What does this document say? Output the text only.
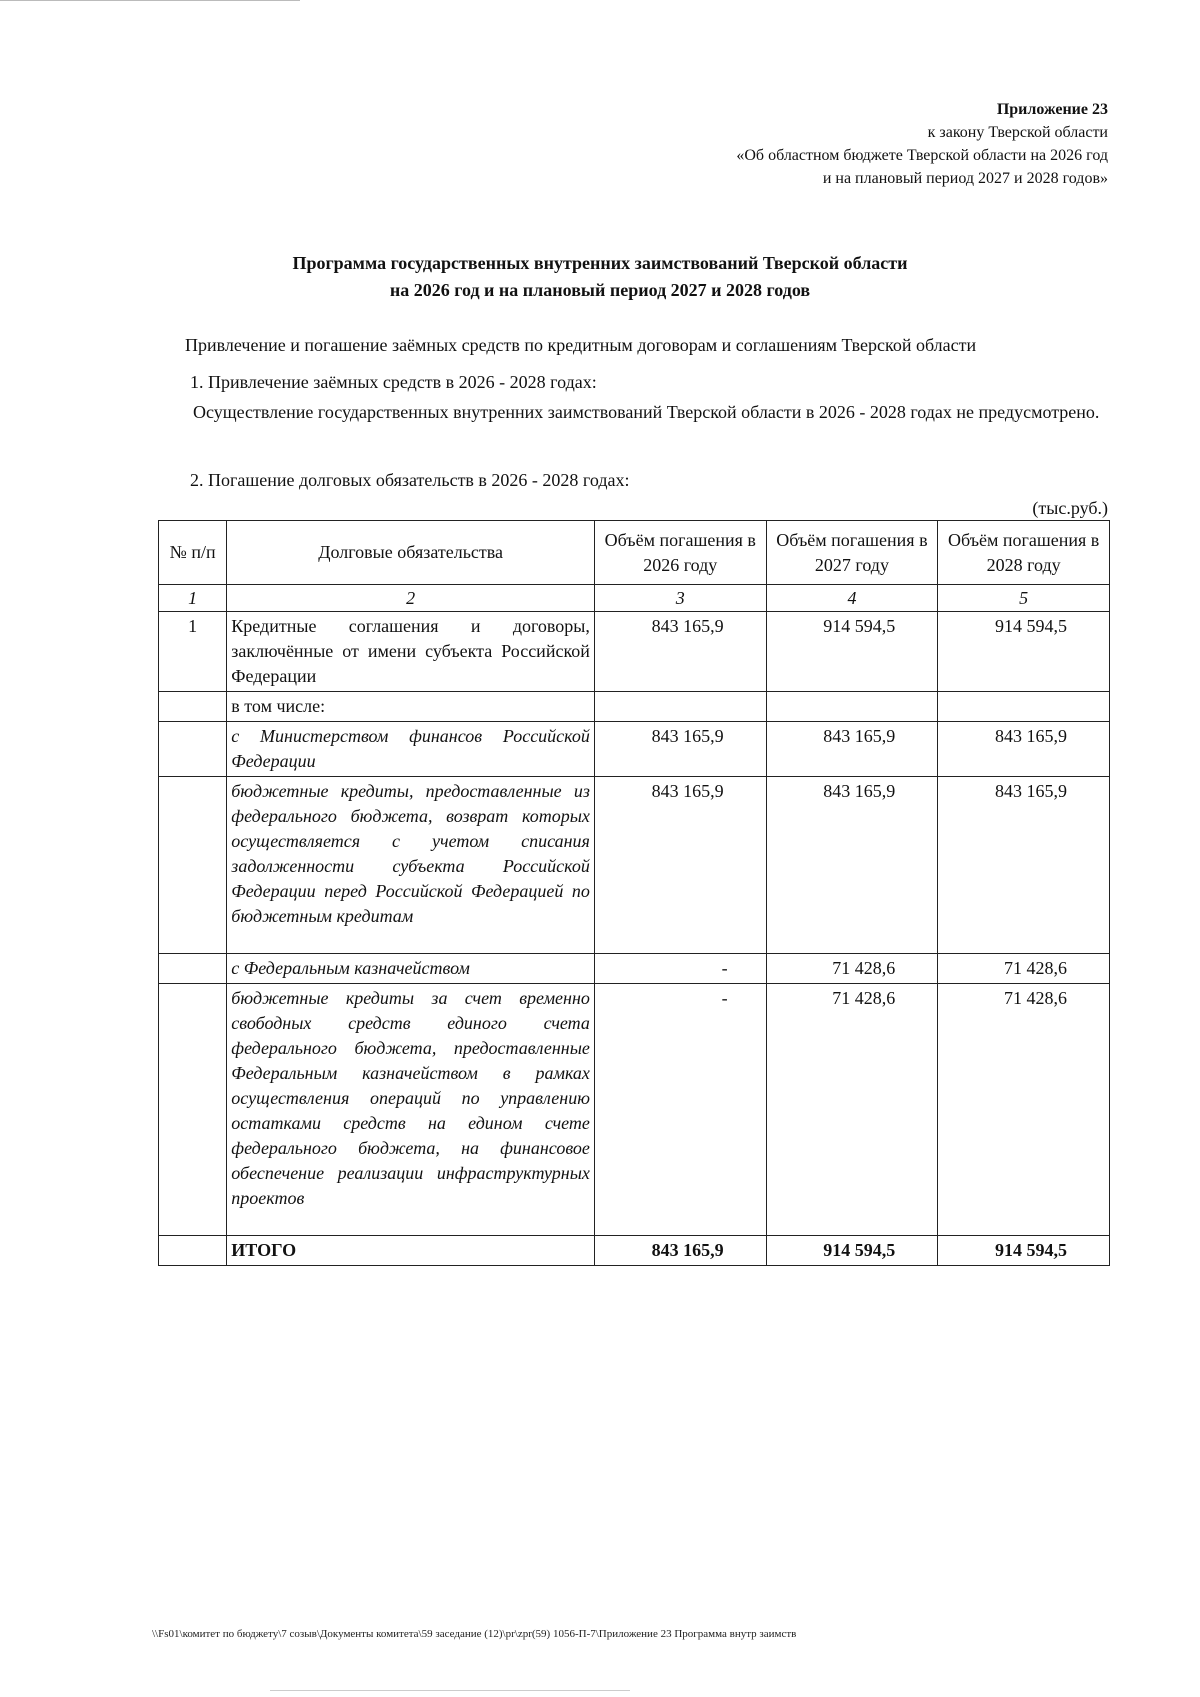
Приложение 23
к закону Тверской области
«Об областном бюджете Тверской области на 2026 год
и на плановый период 2027 и 2028 годов»
Программа государственных внутренних заимствований Тверской области
на 2026 год и на плановый период 2027 и 2028 годов
Привлечение и погашение заёмных средств по кредитным договорам и соглашениям Тверской области
1. Привлечение заёмных средств в 2026 - 2028 годах:
Осуществление государственных внутренних заимствований Тверской области в 2026 - 2028 годах не предусмотрено.
2. Погашение долговых обязательств в 2026 - 2028 годах:
(тыс.руб.)
№ п/п	Долговые обязательства	Объём погашения в 2026 году	Объём погашения в 2027 году	Объём погашения в 2028 году
1	2	3	4	5
1	Кредитные соглашения и договоры, заключённые от имени субъекта Российской Федерации	843 165,9	914 594,5	914 594,5
	в том числе:			
	с Министерством финансов Российской Федерации	843 165,9	843 165,9	843 165,9
	бюджетные кредиты, предоставленные из федерального бюджета, возврат которых осуществляется с учетом списания задолженности субъекта Российской Федерации перед Российской Федерацией по бюджетным кредитам	843 165,9	843 165,9	843 165,9
	с Федеральным казначейством	-	71 428,6	71 428,6
	бюджетные кредиты за счет временно свободных средств единого счета федерального бюджета, предоставленные Федеральным казначейством в рамках осуществления операций по управлению остатками средств на едином счете федерального бюджета, на финансовое обеспечение реализации инфраструктурных проектов	-	71 428,6	71 428,6
	ИТОГО	843 165,9	914 594,5	914 594,5
\\Fs01\комитет по бюджету\7 созыв\Документы комитета\59 заседание (12)\pr\zpr(59) 1056-П-7\Приложение 23 Программа внутр заимств
